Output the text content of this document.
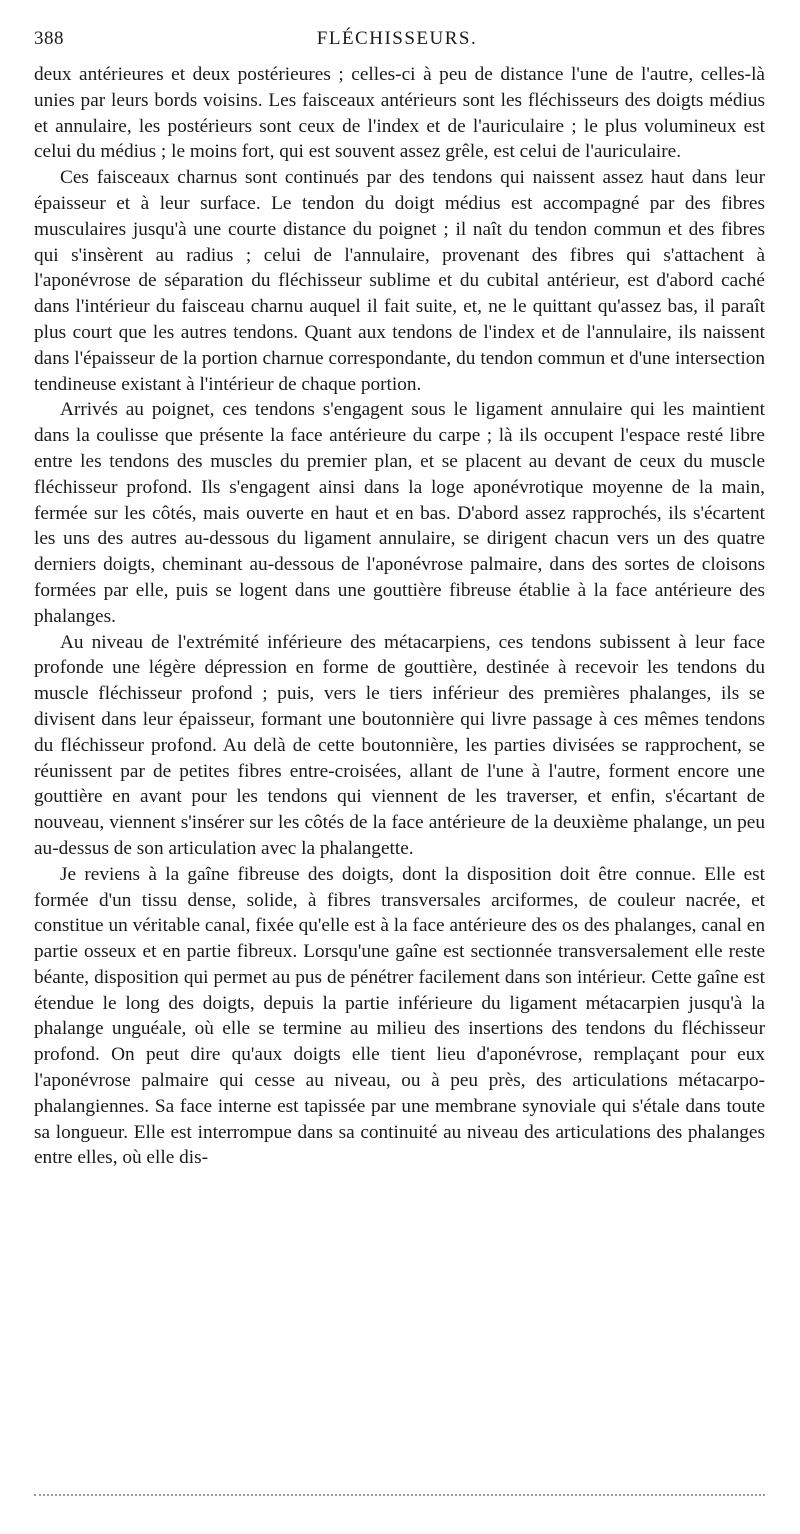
388	FLÉCHISSEURS.

deux antérieures et deux postérieures ; celles-ci à peu de distance l'une de l'autre, celles-là unies par leurs bords voisins. Les faisceaux antérieurs sont les fléchisseurs des doigts médius et annulaire, les postérieurs sont ceux de l'index et de l'auriculaire ; le plus volumineux est celui du médius ; le moins fort, qui est souvent assez grêle, est celui de l'auriculaire.

Ces faisceaux charnus sont continués par des tendons qui naissent assez haut dans leur épaisseur et à leur surface. Le tendon du doigt médius est accompagné par des fibres musculaires jusqu'à une courte distance du poignet ; il naît du tendon commun et des fibres qui s'insèrent au radius ; celui de l'annulaire, provenant des fibres qui s'attachent à l'aponévrose de séparation du fléchisseur sublime et du cubital antérieur, est d'abord caché dans l'intérieur du faisceau charnu auquel il fait suite, et, ne le quittant qu'assez bas, il paraît plus court que les autres tendons. Quant aux tendons de l'index et de l'annulaire, ils naissent dans l'épaisseur de la portion charnue correspondante, du tendon commun et d'une intersection tendineuse existant à l'intérieur de chaque portion.

Arrivés au poignet, ces tendons s'engagent sous le ligament annulaire qui les maintient dans la coulisse que présente la face antérieure du carpe ; là ils occupent l'espace resté libre entre les tendons des muscles du premier plan, et se placent au devant de ceux du muscle fléchisseur profond. Ils s'engagent ainsi dans la loge aponévrotique moyenne de la main, fermée sur les côtés, mais ouverte en haut et en bas. D'abord assez rapprochés, ils s'écartent les uns des autres au-dessous du ligament annulaire, se dirigent chacun vers un des quatre derniers doigts, cheminant au-dessous de l'aponévrose palmaire, dans des sortes de cloisons formées par elle, puis se logent dans une gouttière fibreuse établie à la face antérieure des phalanges.

Au niveau de l'extrémité inférieure des métacarpiens, ces tendons subissent à leur face profonde une légère dépression en forme de gouttière, destinée à recevoir les tendons du muscle fléchisseur profond ; puis, vers le tiers inférieur des premières phalanges, ils se divisent dans leur épaisseur, formant une boutonnière qui livre passage à ces mêmes tendons du fléchisseur profond. Au delà de cette boutonnière, les parties divisées se rapprochent, se réunissent par de petites fibres entre-croisées, allant de l'une à l'autre, forment encore une gouttière en avant pour les tendons qui viennent de les traverser, et enfin, s'écartant de nouveau, viennent s'insérer sur les côtés de la face antérieure de la deuxième phalange, un peu au-dessus de son articulation avec la phalangette.

Je reviens à la gaîne fibreuse des doigts, dont la disposition doit être connue. Elle est formée d'un tissu dense, solide, à fibres transversales arciformes, de couleur nacrée, et constitue un véritable canal, fixée qu'elle est à la face antérieure des os des phalanges, canal en partie osseux et en partie fibreux. Lorsqu'une gaîne est sectionnée transversalement elle reste béante, disposition qui permet au pus de pénétrer facilement dans son intérieur. Cette gaîne est étendue le long des doigts, depuis la partie inférieure du ligament métacarpien jusqu'à la phalange unguéale, où elle se termine au milieu des insertions des tendons du fléchisseur profond. On peut dire qu'aux doigts elle tient lieu d'aponévrose, remplaçant pour eux l'aponévrose palmaire qui cesse au niveau, ou à peu près, des articulations métacarpo-phalangiennes. Sa face interne est tapissée par une membrane synoviale qui s'étale dans toute sa longueur. Elle est interrompue dans sa continuité au niveau des articulations des phalanges entre elles, où elle dis-
